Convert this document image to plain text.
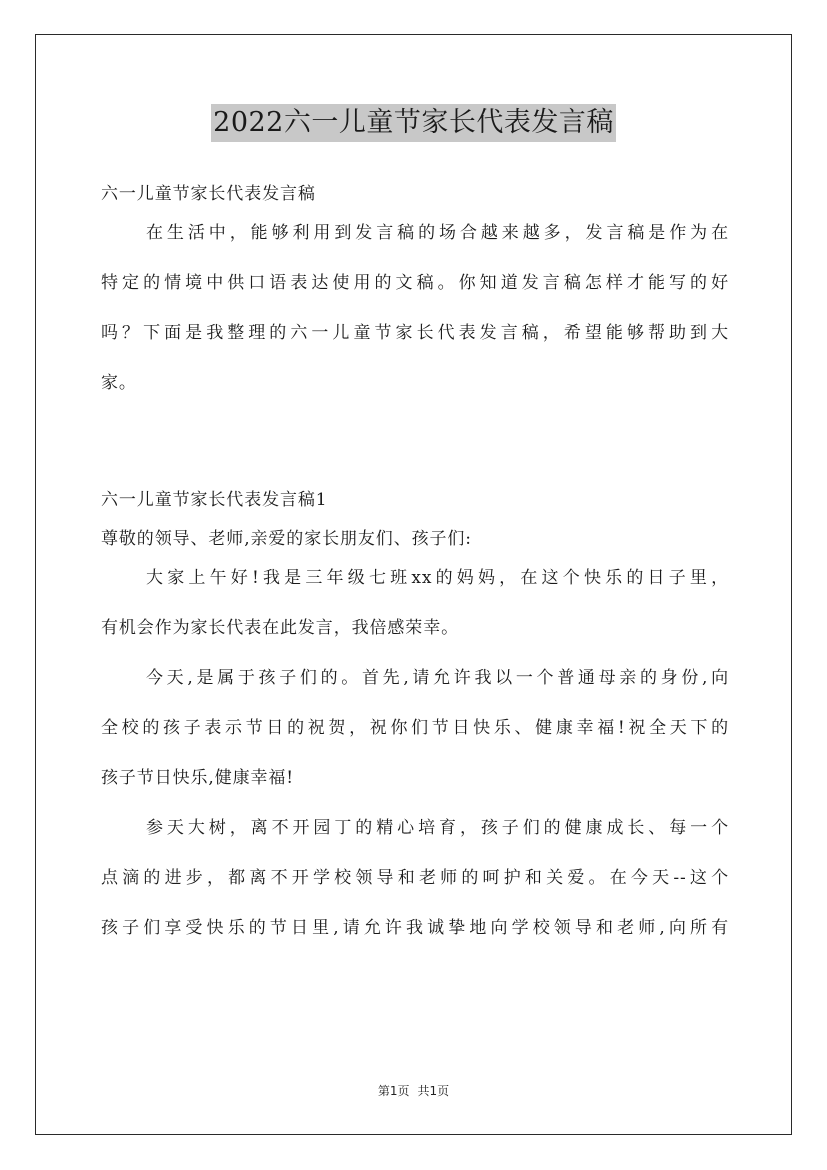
2022六一儿童节家长代表发言稿
六一儿童节家长代表发言稿
在生活中，能够利用到发言稿的场合越来越多，发言稿是作为在
特定的情境中供口语表达使用的文稿。你知道发言稿怎样才能写的好
吗？下面是我整理的六一儿童节家长代表发言稿，希望能够帮助到大
家。
六一儿童节家长代表发言稿1
尊敬的领导、老师,亲爱的家长朋友们、孩子们:
大家上午好!我是三年级七班xx的妈妈，在这个快乐的日子里，
有机会作为家长代表在此发言，我倍感荣幸。
今天,是属于孩子们的。首先,请允许我以一个普通母亲的身份,向
全校的孩子表示节日的祝贺，祝你们节日快乐、健康幸福!祝全天下的
孩子节日快乐,健康幸福!
参天大树，离不开园丁的精心培育，孩子们的健康成长、每一个
点滴的进步，都离不开学校领导和老师的呵护和关爱。在今天--这个
孩子们享受快乐的节日里,请允许我诚挚地向学校领导和老师,向所有
第1页 共1页
